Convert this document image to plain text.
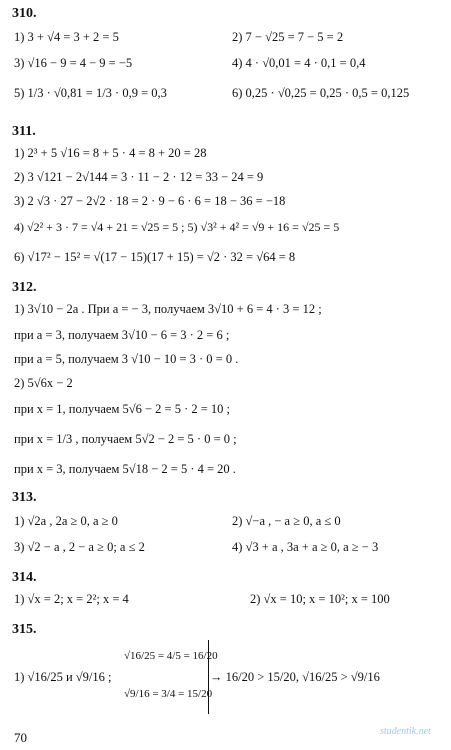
310.
1) 3 + √4 = 3 + 2 = 5	2) 7 − √25 = 7 − 5 = 2
3) √16 − 9 = 4 − 9 = −5	4) 4 · √0,01 = 4 · 0,1 = 0,4
5) 1/3 · √0,81 = 1/3 · 0,9 = 0,3	6) 0,25 · √0,25 = 0,25 · 0,5 = 0,125
311.
1) 2³ + 5 √16 = 8 + 5 · 4 = 8 + 20 = 28
2) 3 √121 − 2√144 = 3 · 11 − 2 · 12 = 33 − 24 = 9
3) 2 √3 · 27 − 2√2 · 18 = 2 · 9 − 6 · 6 = 18 − 36 = −18
4) √2² + 3 · 7 = √4 + 21 = √25 = 5 ; 5) √3² + 4² = √9 + 16 = √25 = 5
6) √17² − 15² = √(17 − 15)(17 + 15) = √2 · 32 = √64 = 8
312.
1) 3√10 − 2a . При a = − 3, получаем 3√10 + 6 = 4 · 3 = 12 ;
при a = 3, получаем 3√10 − 6 = 3 · 2 = 6 ;
при a = 5, получаем 3 √10 − 10 = 3 · 0 = 0 .
2) 5√6x − 2
при x = 1, получаем 5√6 − 2 = 5 · 2 = 10 ;
при x = 1/3 , получаем 5√2 − 2 = 5 · 0 = 0 ;
при x = 3, получаем 5√18 − 2 = 5 · 4 = 20 .
313.
1) √2a , 2a ≥ 0, a ≥ 0	2) √−a , − a ≥ 0, a ≤ 0
3) √2 − a , 2 − a ≥ 0; a ≤ 2	4) √3 + a , 3a + a ≥ 0, a ≥ − 3
314.
1) √x = 2; x = 2²; x = 4	2) √x = 10; x = 10²; x = 100
315.
1) √16/25 и √9/16 ;
√16/25 = 4/5 = 16/20
√9/16 = 3/4 = 15/20
→ 16/20 > 15/20, √16/25 > √9/16
70	studentik.net
